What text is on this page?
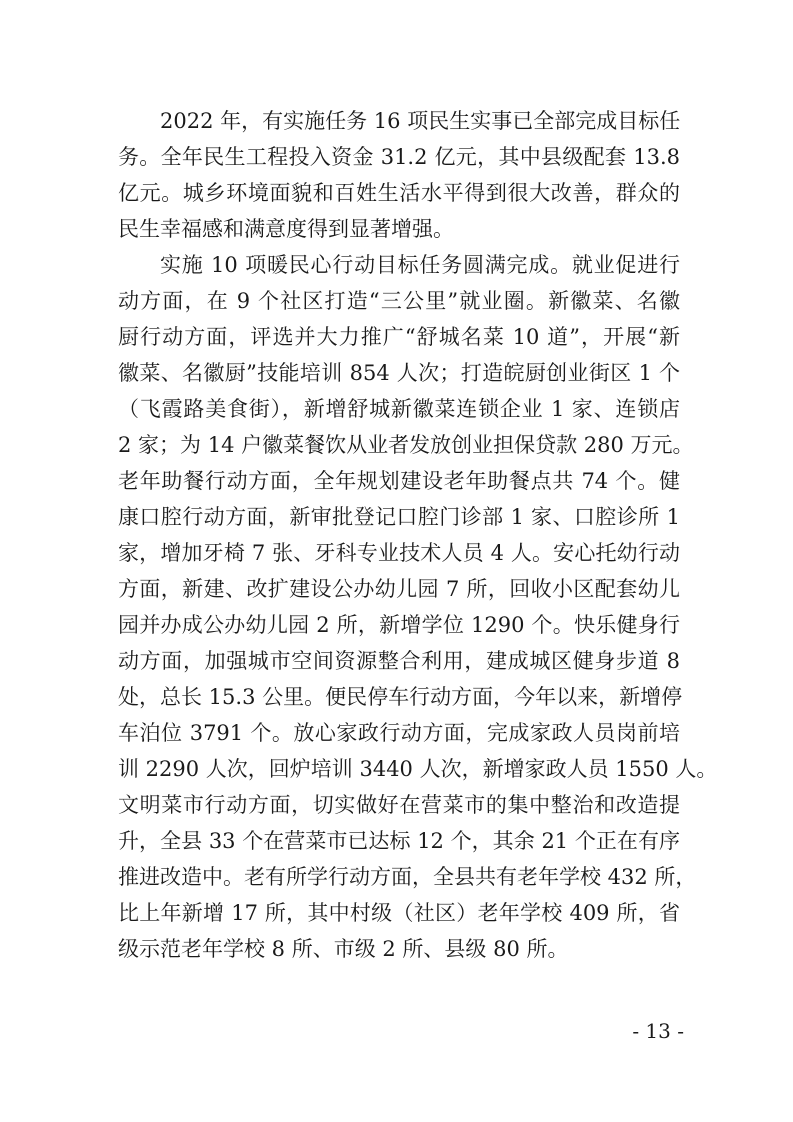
2022 年，有实施任务 16 项民生实事已全部完成目标任
务。全年民生工程投入资金 31.2 亿元，其中县级配套 13.8
亿元。城乡环境面貌和百姓生活水平得到很大改善，群众的
民生幸福感和满意度得到显著增强。
实施 10 项暖民心行动目标任务圆满完成。就业促进行
动方面，在 9 个社区打造“三公里”就业圈。新徽菜、名徽
厨行动方面，评选并大力推广“舒城名菜 10 道”，开展“新
徽菜、名徽厨”技能培训 854 人次；打造皖厨创业街区 1 个
（飞霞路美食街），新增舒城新徽菜连锁企业 1 家、连锁店
2 家；为 14 户徽菜餐饮从业者发放创业担保贷款 280 万元。
老年助餐行动方面，全年规划建设老年助餐点共 74 个。健
康口腔行动方面，新审批登记口腔门诊部 1 家、口腔诊所 1
家，增加牙椅 7 张、牙科专业技术人员 4 人。安心托幼行动
方面，新建、改扩建设公办幼儿园 7 所，回收小区配套幼儿
园并办成公办幼儿园 2 所，新增学位 1290 个。快乐健身行
动方面，加强城市空间资源整合利用，建成城区健身步道 8
处，总长 15.3 公里。便民停车行动方面，今年以来，新增停
车泊位 3791 个。放心家政行动方面，完成家政人员岗前培
训 2290 人次，回炉培训 3440 人次，新增家政人员 1550 人。
文明菜市行动方面，切实做好在营菜市的集中整治和改造提
升，全县 33 个在营菜市已达标 12 个，其余 21 个正在有序
推进改造中。老有所学行动方面，全县共有老年学校 432 所，
比上年新增 17 所，其中村级（社区）老年学校 409 所，省
级示范老年学校 8 所、市级 2 所、县级 80 所。
- 13 -
